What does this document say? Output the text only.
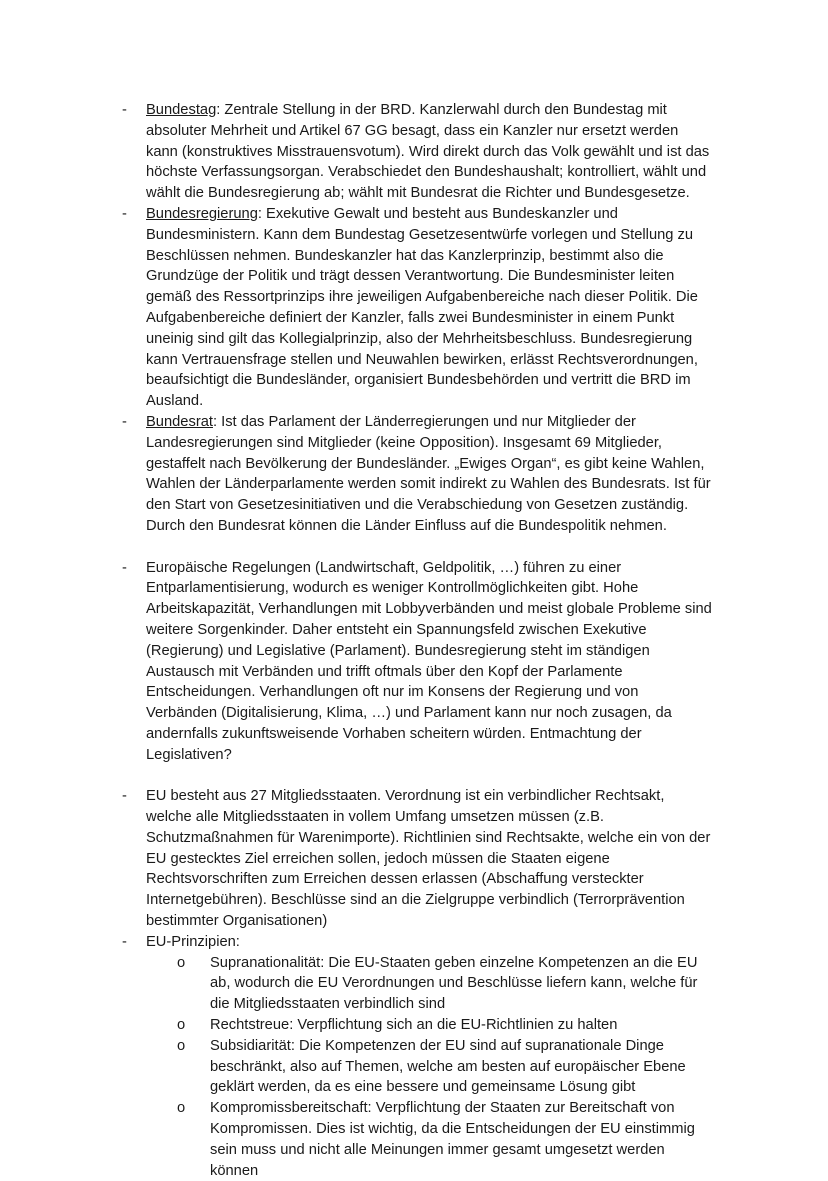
-	Bundestag: Zentrale Stellung in der BRD. Kanzlerwahl durch den Bundestag mit absoluter Mehrheit und Artikel 67 GG besagt, dass ein Kanzler nur ersetzt werden kann (konstruktives Misstrauensvotum). Wird direkt durch das Volk gewählt und ist das höchste Verfassungsorgan. Verabschiedet den Bundeshaushalt; kontrolliert, wählt und wählt die Bundesregierung ab; wählt mit Bundesrat die Richter und Bundesgesetze.
-	Bundesregierung: Exekutive Gewalt und besteht aus Bundeskanzler und Bundesministern. Kann dem Bundestag Gesetzesentwürfe vorlegen und Stellung zu Beschlüssen nehmen. Bundeskanzler hat das Kanzlerprinzip, bestimmt also die Grundzüge der Politik und trägt dessen Verantwortung. Die Bundesminister leiten gemäß des Ressortprinzips ihre jeweiligen Aufgabenbereiche nach dieser Politik. Die Aufgabenbereiche definiert der Kanzler, falls zwei Bundesminister in einem Punkt uneinig sind gilt das Kollegialprinzip, also der Mehrheitsbeschluss. Bundesregierung kann Vertrauensfrage stellen und Neuwahlen bewirken, erlässt Rechtsverordnungen, beaufsichtigt die Bundesländer, organisiert Bundesbehörden und vertritt die BRD im Ausland.
-	Bundesrat: Ist das Parlament der Länderregierungen und nur Mitglieder der Landesregierungen sind Mitglieder (keine Opposition). Insgesamt 69 Mitglieder, gestaffelt nach Bevölkerung der Bundesländer. „Ewiges Organ“, es gibt keine Wahlen, Wahlen der Länderparlamente werden somit indirekt zu Wahlen des Bundesrats. Ist für den Start von Gesetzesinitiativen und die Verabschiedung von Gesetzen zuständig. Durch den Bundesrat können die Länder Einfluss auf die Bundespolitik nehmen.
-	Europäische Regelungen (Landwirtschaft, Geldpolitik, …) führen zu einer Entparlamentisierung, wodurch es weniger Kontrollmöglichkeiten gibt. Hohe Arbeitskapazität, Verhandlungen mit Lobbyverbänden und meist globale Probleme sind weitere Sorgenkinder. Daher entsteht ein Spannungsfeld zwischen Exekutive (Regierung) und Legislative (Parlament). Bundesregierung steht im ständigen Austausch mit Verbänden und trifft oftmals über den Kopf der Parlamente Entscheidungen. Verhandlungen oft nur im Konsens der Regierung und von Verbänden (Digitalisierung, Klima, …) und Parlament kann nur noch zusagen, da andernfalls zukunftsweisende Vorhaben scheitern würden. Entmachtung der Legislativen?
-	EU besteht aus 27 Mitgliedsstaaten. Verordnung ist ein verbindlicher Rechtsakt, welche alle Mitgliedsstaaten in vollem Umfang umsetzen müssen (z.B. Schutzmaßnahmen für Warenimporte). Richtlinien sind Rechtsakte, welche ein von der EU gestecktes Ziel erreichen sollen, jedoch müssen die Staaten eigene Rechtsvorschriften zum Erreichen dessen erlassen (Abschaffung versteckter Internetgebühren). Beschlüsse sind an die Zielgruppe verbindlich (Terrorprävention bestimmter Organisationen)
-	EU-Prinzipien:
o	Supranationalität: Die EU-Staaten geben einzelne Kompetenzen an die EU ab, wodurch die EU Verordnungen und Beschlüsse liefern kann, welche für die Mitgliedsstaaten verbindlich sind
o	Rechtstreue: Verpflichtung sich an die EU-Richtlinien zu halten
o	Subsidiarität: Die Kompetenzen der EU sind auf supranationale Dinge beschränkt, also auf Themen, welche am besten auf europäischer Ebene geklärt werden, da es eine bessere und gemeinsame Lösung gibt
o	Kompromissbereitschaft: Verpflichtung der Staaten zur Bereitschaft von Kompromissen. Dies ist wichtig, da die Entscheidungen der EU einstimmig sein muss und nicht alle Meinungen immer gesamt umgesetzt werden können
